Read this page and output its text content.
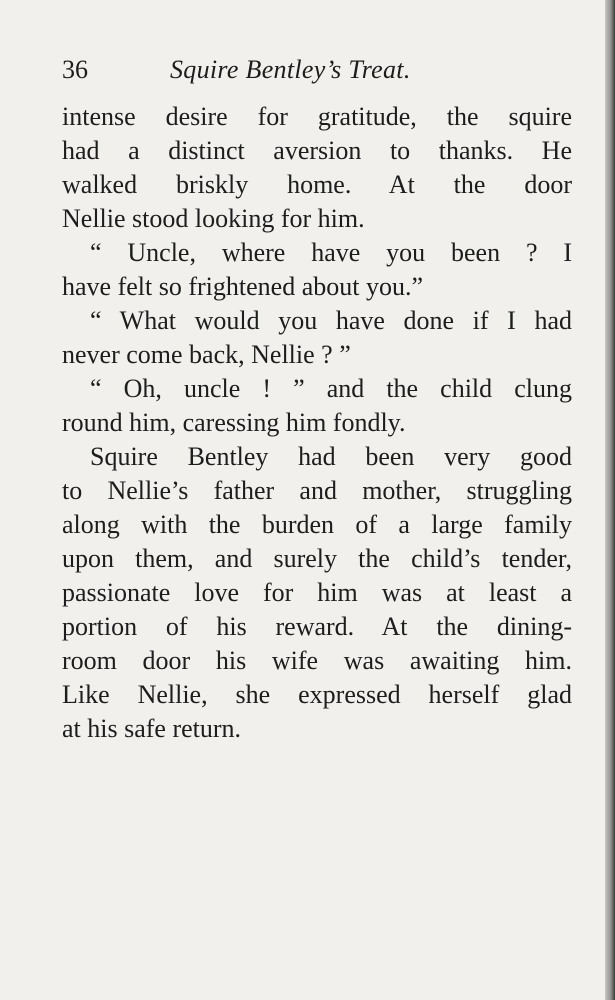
36	Squire Bentley’s Treat.
intense desire for gratitude, the squire
had a distinct aversion to thanks. He
walked briskly home. At the door
Nellie stood looking for him.
“ Uncle, where have you been ? I
have felt so frightened about you.”
“ What would you have done if I had
never come back, Nellie ? ”
“ Oh, uncle ! ” and the child clung
round him, caressing him fondly.
Squire Bentley had been very good
to Nellie’s father and mother, struggling
along with the burden of a large family
upon them, and surely the child’s tender,
passionate love for him was at least a
portion of his reward. At the dining-
room door his wife was awaiting him.
Like Nellie, she expressed herself glad
at his safe return.
